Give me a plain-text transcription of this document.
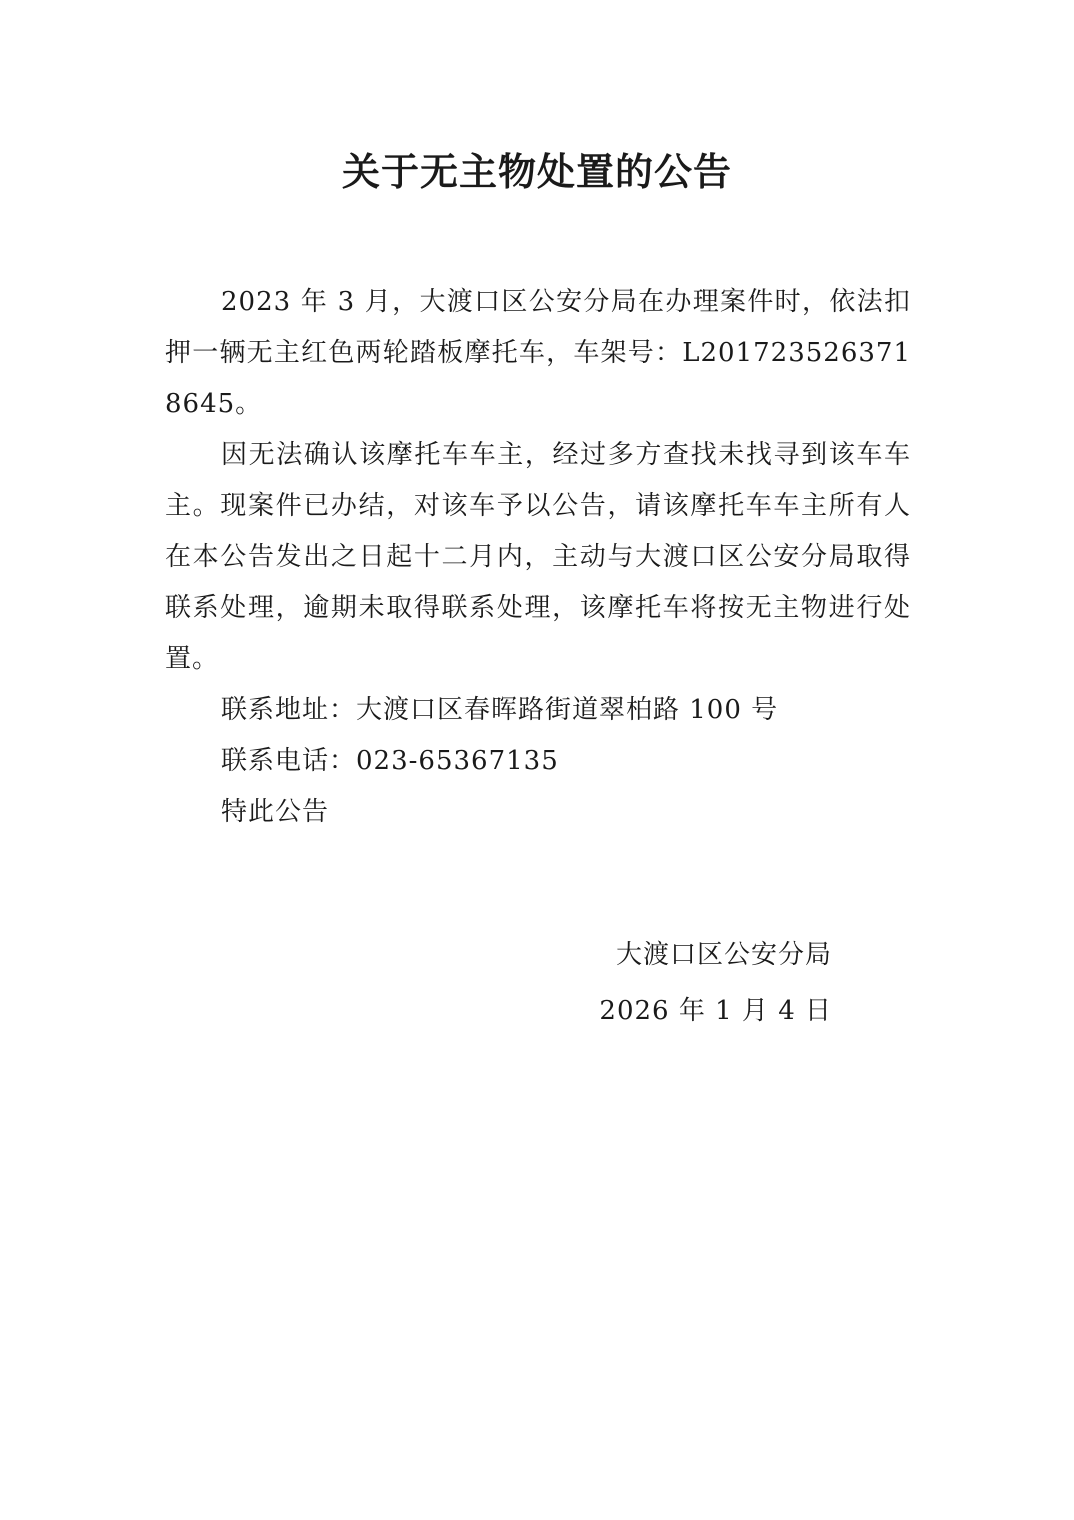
关于无主物处置的公告

2023 年 3 月，大渡口区公安分局在办理案件时，依法扣押一辆无主红色两轮踏板摩托车，车架号：L2017235263718645。

因无法确认该摩托车车主，经过多方查找未找寻到该车车主。现案件已办结，对该车予以公告，请该摩托车车主所有人在本公告发出之日起十二月内，主动与大渡口区公安分局取得联系处理，逾期未取得联系处理，该摩托车将按无主物进行处置。

联系地址：大渡口区春晖路街道翠柏路 100 号

联系电话：023-65367135

特此公告

大渡口区公安分局
2026 年 1 月 4 日
